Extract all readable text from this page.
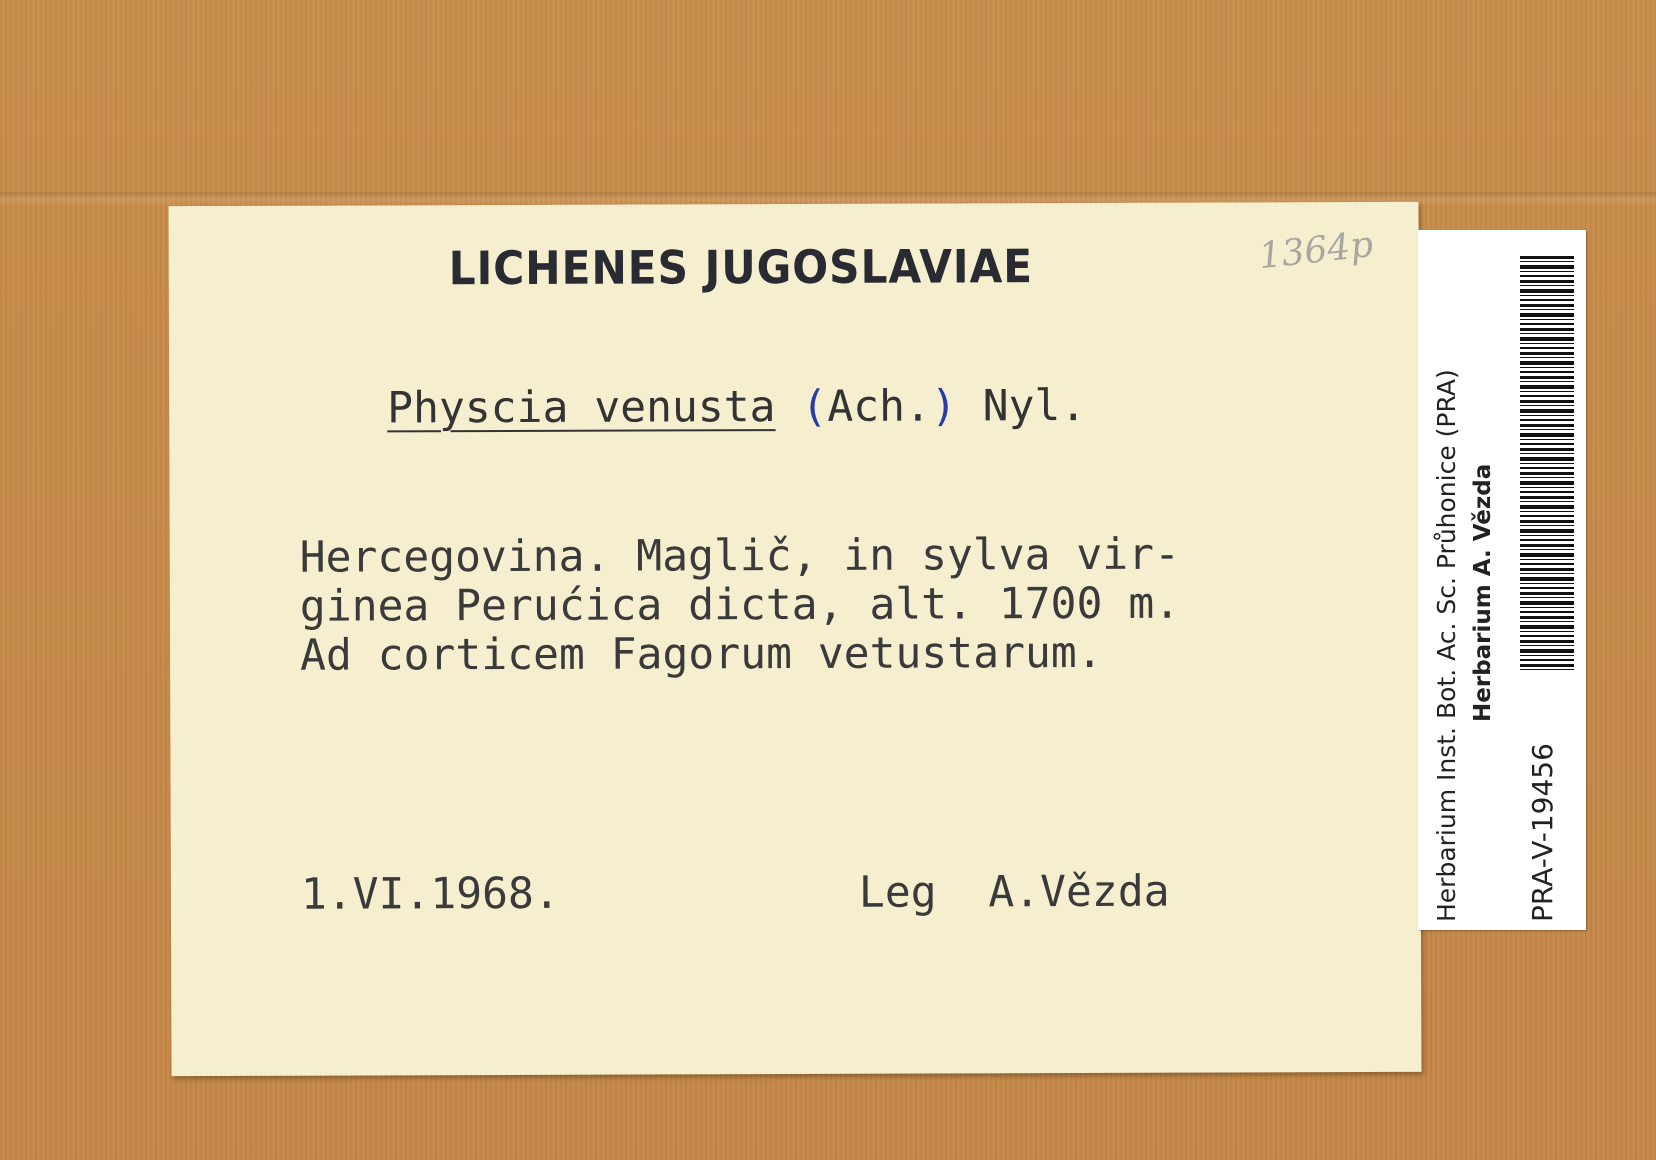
LICHENES JUGOSLAVIAE	1364p
Physcia venusta (Ach.) Nyl.
Hercegovina. Maglič, in sylva vir-
ginea Perućica dicta, alt. 1700 m.
Ad corticem Fagorum vetustarum.
1.VI.1968.	Leg  A.Vězda	Herbarium Inst. Bot. Ac. Sc. Průhonice (PRA) Herbarium A. Vězda
PRA-V-19456
